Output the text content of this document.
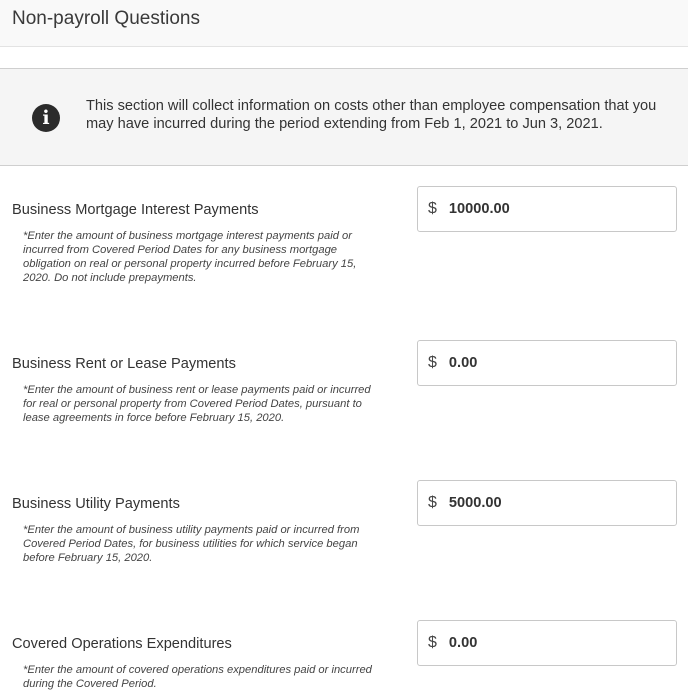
Non-payroll Questions
i
This section will collect information on costs other than employee compensation that you may have incurred during the period extending from Feb 1, 2021 to Jun 3, 2021.
Business Mortgage Interest Payments
*Enter the amount of business mortgage interest payments paid or incurred from Covered Period Dates for any business mortgage obligation on real or personal property incurred before February 15, 2020. Do not include prepayments.
$ 10000.00
Business Rent or Lease Payments
*Enter the amount of business rent or lease payments paid or incurred for real or personal property from Covered Period Dates, pursuant to lease agreements in force before February 15, 2020.
$ 0.00
Business Utility Payments
*Enter the amount of business utility payments paid or incurred from Covered Period Dates, for business utilities for which service began before February 15, 2020.
$ 5000.00
Covered Operations Expenditures
*Enter the amount of covered operations expenditures paid or incurred during the Covered Period.
$ 0.00
